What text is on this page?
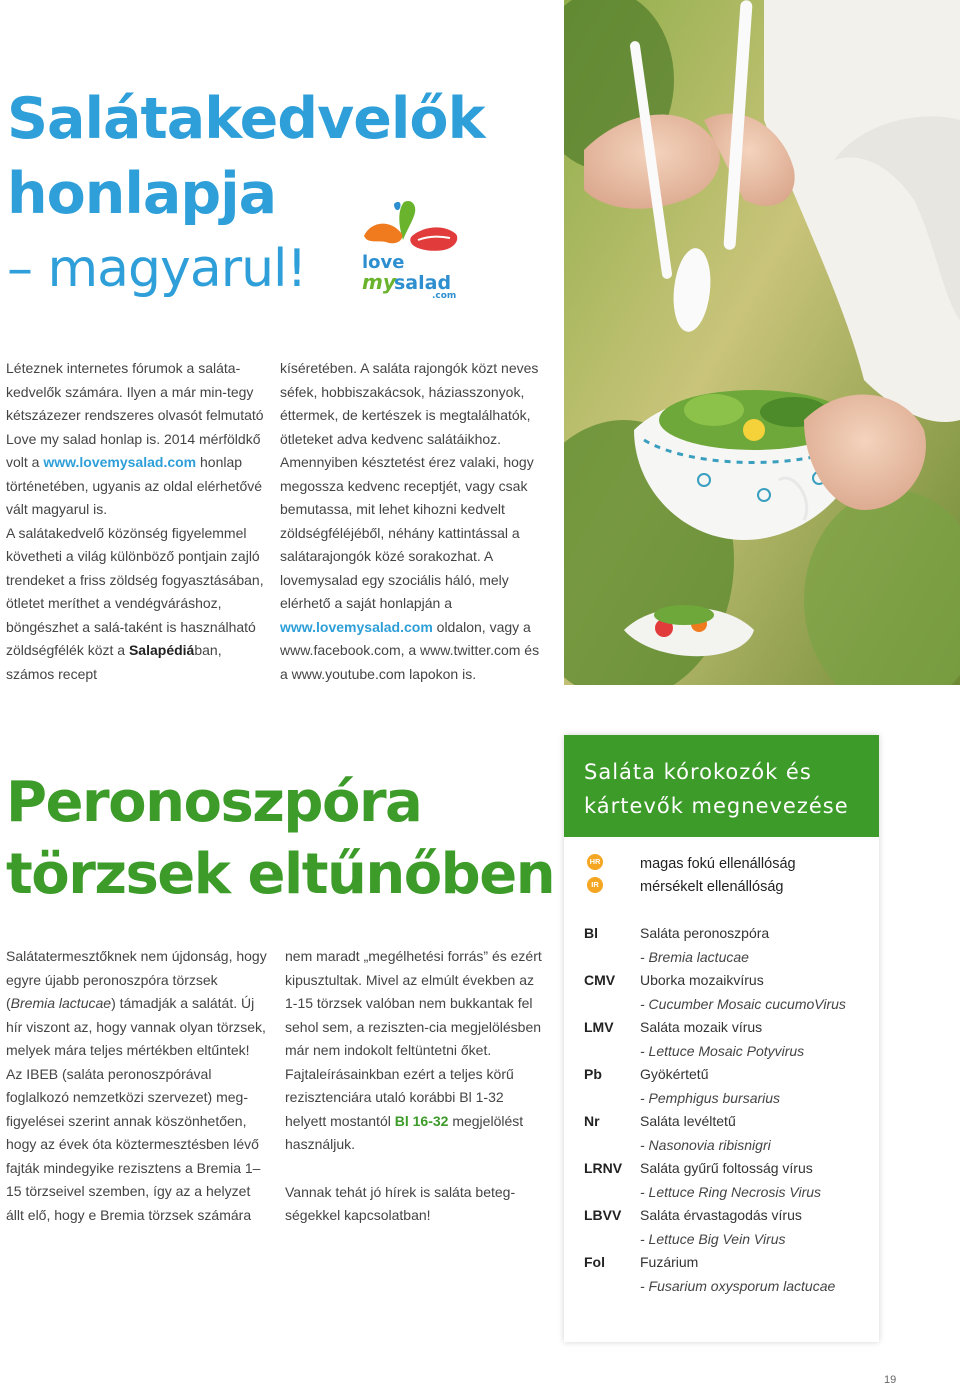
Salátakedvelők
honlapja
– magyarul!	love
my
salad
.com

Léteznek internetes fórumok a saláta-kedvelők számára. Ilyen a már min-tegy kétszázezer rendszeres olvasót felmutató Love my salad honlap is. 2014 mérföldkő volt a www.lovemysalad.com honlap történetében, ugyanis az oldal elérhetővé vált magyarul is.

A salátakedvelő közönség figyelemmel követheti a világ különböző pontjain zajló trendeket a friss zöldség fogyasztásában, ötletet meríthet a vendégváráshoz, böngészhet a salá-taként is használható zöldségfélék közt a Salapédiában, számos recept

kíséretében. A saláta rajongók közt neves séfek, hobbiszakácsok, háziasszonyok, éttermek, de kertészek is megtalálhatók, ötleteket adva kedvenc salátáikhoz.

Amennyiben késztetést érez valaki, hogy megossza kedvenc receptjét, vagy csak bemutassa, mit lehet kihozni kedvelt zöldségféléjéből, néhány kattintással a salátarajongók közé sorakozhat. A lovemysalad egy szociális háló, mely elérhető a saját honlapján a www.lovemysalad.com oldalon, vagy a www.facebook.com, a www.twitter.com és a www.youtube.com lapokon is.

Peronoszpóra
törzsek eltűnőben

Salátatermesztőknek nem újdonság, hogy egyre újabb peronoszpóra törzsek (Bremia lactucae) támadják a salátát. Új hír viszont az, hogy vannak olyan törzsek, melyek mára teljes mértékben eltűntek!

Az IBEB (saláta peronoszpórával foglalkozó nemzetközi szervezet) meg-figyelései szerint annak köszönhetően, hogy az évek óta köztermesztésben lévő fajták mindegyike rezisztens a Bremia 1–15 törzseivel szemben, így az a helyzet állt elő, hogy e Bremia törzsek számára

nem maradt „megélhetési forrás” és ezért kipusztultak. Mivel az elmúlt években az 1-15 törzsek valóban nem bukkantak fel sehol sem, a reziszten-cia megjelölésben már nem indokolt feltüntetni őket.

Fajtaleírásainkban ezért a teljes körű rezisztenciára utaló korábbi Bl 1-32 helyett mostantól Bl 16-32 megjelölést használjuk.

Vannak tehát jó hírek is saláta beteg-ségekkel kapcsolatban!

Saláta kórokozók és
kártevők megnevezése
HR	magas fokú ellenállóság
IR	mérsékelt ellenállóság
Bl	Saláta peronoszpóra
- Bremia lactucae
CMV Uborka mozaikvírus
- Cucumber Mosaic cucumoVirus
LMV Saláta mozaik vírus
- Lettuce Mosaic Potyvirus
Pb	Gyökértetű
- Pemphigus bursarius
Nr	Saláta levéltetű
- Nasonovia ribisnigri
LRNV Saláta gyűrű foltosság vírus
- Lettuce Ring Necrosis Virus
LBVV Saláta érvastagodás vírus
- Lettuce Big Vein Virus
Fol	Fuzárium
- Fusarium oxysporum lactucae
19
